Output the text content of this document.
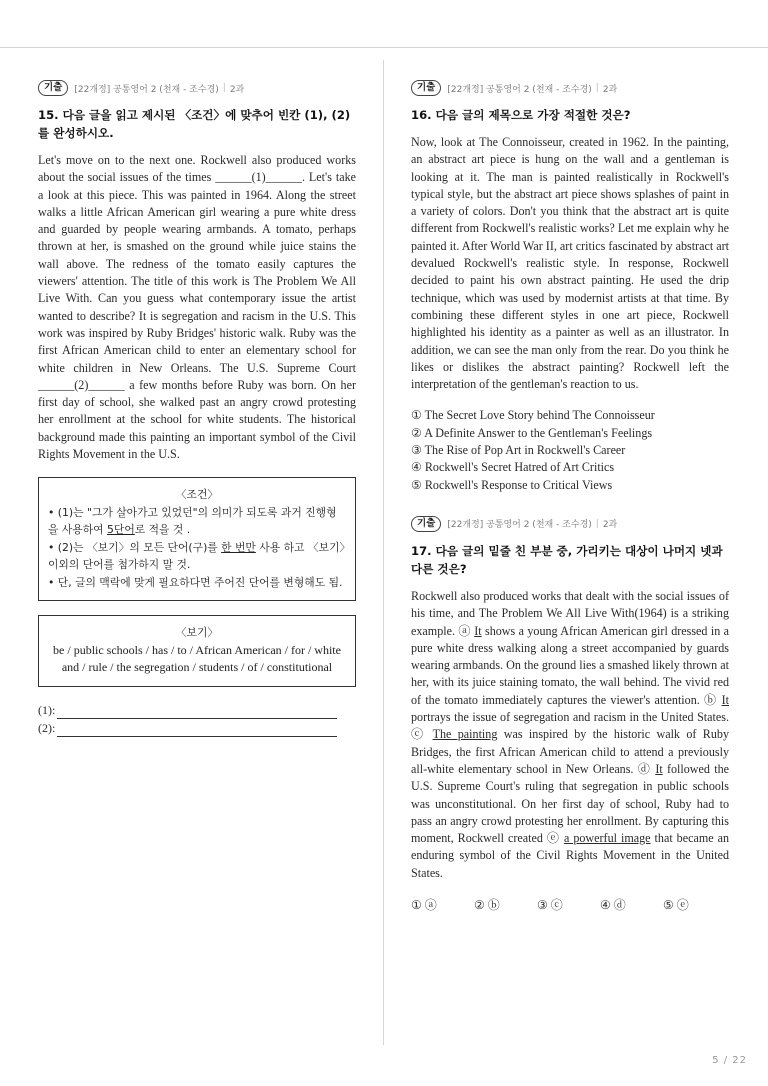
기출	[22개정] 공통영어 2 (천재 - 조수경) | 2과

15. 다음 글을 읽고 제시된 〈조건〉에 맞추어 빈칸 (1), (2)를 완성하시오.

Let's move on to the next one. Rockwell also produced works about the social issues of the times ______(1)______. Let's take a look at this piece. This was painted in 1964. Along the street walks a little African American girl wearing a pure white dress and guarded by people wearing armbands. A tomato, perhaps thrown at her, is smashed on the ground while juice stains the wall above. The redness of the tomato easily captures the viewers' attention. The title of this work is The Problem We All Live With. Can you guess what contemporary issue the artist wanted to describe? It is segregation and racism in the U.S. This work was inspired by Ruby Bridges' historic walk. Ruby was the first African American child to enter an elementary school for white children in New Orleans. The U.S. Supreme Court ______(2)______ a few months before Ruby was born. On her first day of school, she walked past an angry crowd protesting her enrollment at the school for white students. The historical background made this painting an important symbol of the Civil Rights Movement in the U.S.

〈조건〉
• (1)는 "그가 살아가고 있었던"의 의미가 되도록 과거 진행형을 사용하여 5단어로 적을 것 .
• (2)는 〈보기〉의 모든 단어(구)를 한 번만 사용 하고 〈보기〉이외의 단어를 첨가하지 말 것.
• 단, 글의 맥락에 맞게 필요하다면 주어진 단어를 변형해도 됨.
〈보기〉
be / public schools / has / to / African American / for / white and / rule / the segregation / students / of / constitutional
(1):
(2):
기출	[22개정] 공통영어 2 (천재 - 조수경) | 2과

16. 다음 글의 제목으로 가장 적절한 것은?

Now, look at The Connoisseur, created in 1962. In the painting, an abstract art piece is hung on the wall and a gentleman is looking at it. The man is painted realistically in Rockwell's typical style, but the abstract art piece shows splashes of paint in a variety of colors. Don't you think that the abstract art is quite different from Rockwell's realistic works? Let me explain why he painted it. After World War II, art critics fascinated by abstract art devalued Rockwell's realistic style. In response, Rockwell decided to paint his own abstract painting. He used the drip technique, which was used by modernist artists at that time. By combining these different styles in one art piece, Rockwell highlighted his identity as a painter as well as an illustrator. In addition, we can see the man only from the rear. Do you think he likes or dislikes the abstract painting? Rockwell left the interpretation of the gentleman's reaction to us.

① The Secret Love Story behind The Connoisseur
② A Definite Answer to the Gentleman's Feelings
③ The Rise of Pop Art in Rockwell's Career
④ Rockwell's Secret Hatred of Art Critics
⑤ Rockwell's Response to Critical Views
기출	[22개정] 공통영어 2 (천재 - 조수경) | 2과

17. 다음 글의 밑줄 친 부분 중, 가리키는 대상이 나머지 넷과 다른 것은?

Rockwell also produced works that dealt with the social issues of his time, and The Problem We All Live With(1964) is a striking example. ⓐ It shows a young African American girl dressed in a pure white dress walking along a street accompanied by guards wearing armbands. On the ground lies a smashed likely thrown at her, with its juice staining tomato, the wall behind. The vivid red of the tomato immediately captures the viewer's attention. ⓑ It portrays the issue of segregation and racism in the United States. ⓒ The painting was inspired by the historic walk of Ruby Bridges, the first African American child to attend a previously all-white elementary school in New Orleans. ⓓ It followed the U.S. Supreme Court's ruling that segregation in public schools was unconstitutional. On her first day of school, Ruby had to pass an angry crowd protesting her enrollment. By capturing this moment, Rockwell created ⓔ a powerful image that became an enduring symbol of the Civil Rights Movement in the United States.

① ⓐ	② ⓑ	③ ⓒ	④ ⓓ	⑤ ⓔ
5 / 22
